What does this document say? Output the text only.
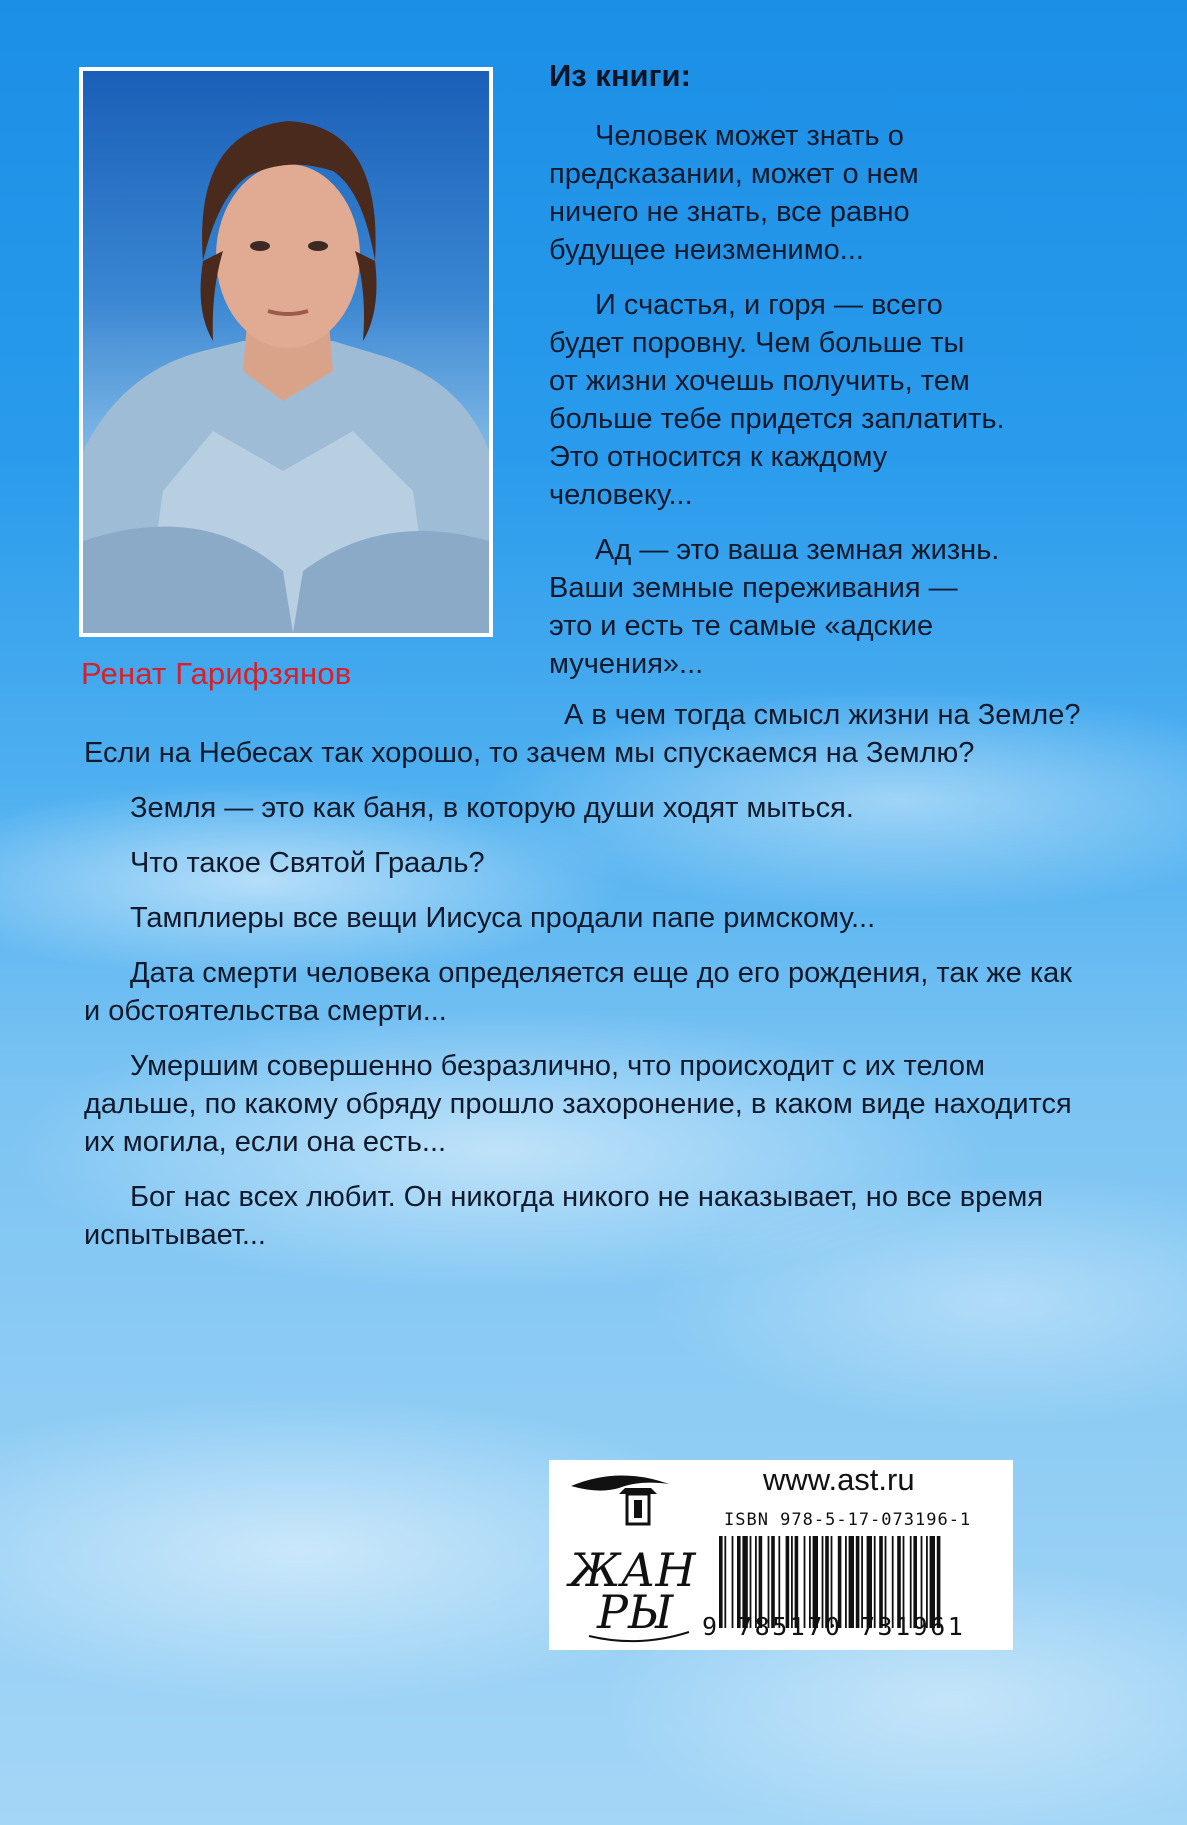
Ренат Гарифзянов
Из книги:

Человек может знать о
предсказании, может о нем
ничего не знать, все равно
будущее неизменимо...

И счастья, и горя — всего
будет поровну. Чем больше ты
от жизни хочешь получить, тем
больше тебе придется заплатить.
Это относится к каждому
человеку...

Ад — это ваша земная жизнь.
Ваши земные переживания —
это и есть те самые «адские
мучения»...

А в чем тогда смысл жизни на Земле? Если на Небесах так хорошо, то зачем мы спускаемся на Землю?

Земля — это как баня, в которую души ходят мыться.

Что такое Святой Грааль?

Тамплиеры все вещи Иисуса продали папе римскому...

Дата смерти человека определяется еще до его рождения, так же как и обстоятельства смерти...

Умершим совершенно безразлично, что происходит с их телом дальше, по какому обряду прошло захоронение, в каком виде находится их могила, если она есть...

Бог нас всех любит. Он никогда никого не наказывает, но все время испытывает...

ЖАН
РЫ
www.ast.ru
ISBN 978-5-17-073196-1
9 785170 731961
